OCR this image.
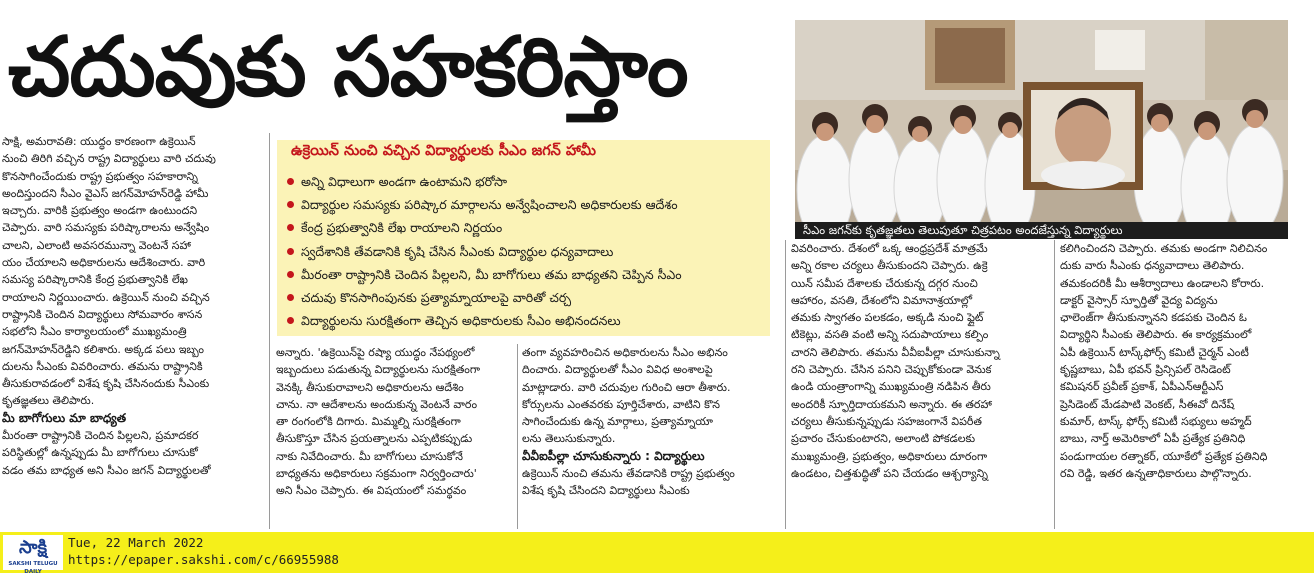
చదువుకు సహకరిస్తాం

సాక్షి, అమరావతి: యుద్ధం కారణంగా ఉక్రెయిన్

నుంచి తిరిగి వచ్చిన రాష్ట్ర విద్యార్థులు వారి చదువు

కొనసాగించేందుకు రాష్ట్ర ప్రభుత్వం సహకారాన్ని

అందిస్తుందని సీఎం వైఎస్ జగన్‌మోహన్‌రెడ్డి హామీ

ఇచ్చారు. వారికి ప్రభుత్వం అండగా ఉంటుందని

చెప్పారు. వారి సమస్యకు పరిష్కారాలను అన్వేషిం

చాలని, ఎలాంటి అవసరమున్నా వెంటనే సహా

యం చేయాలని అధికారులను ఆదేశించారు. వారి

సమస్య పరిష్కారానికి కేంద్ర ప్రభుత్వానికి లేఖ

రాయాలని నిర్ణయించారు. ఉక్రెయిన్ నుంచి వచ్చిన

రాష్ట్రానికి చెందిన విద్యార్థులు సోమవారం శాసన

సభలోని సీఎం కార్యాలయంలో ముఖ్యమంత్రి

జగన్‌మోహన్‌రెడ్డిని కలిశారు. అక్కడ పలు ఇబ్బం

దులను సీఎంకు వివరించారు. తమను రాష్ట్రానికి

తీసుకురావడంలో విశేష కృషి చేసినందుకు సీఎంకు

కృతజ్ఞతలు తెలిపారు.

మీ బాగోగులు మా బాధ్యత

మీరంతా రాష్ట్రానికి చెందిన పిల్లలని, ప్రమాదకర

పరిస్థితుల్లో ఉన్నప్పుడు మీ బాగోగులు చూసుకో

వడం తమ బాధ్యత అని సీఎం జగన్ విద్యార్థులతో

ఉక్రెయిన్ నుంచి వచ్చిన విద్యార్థులకు సీఎం జగన్ హామీ
అన్ని విధాలుగా అండగా ఉంటామని భరోసా
విద్యార్థుల సమస్యకు పరిష్కార మార్గాలను అన్వేషించాలని అధికారులకు ఆదేశం
కేంద్ర ప్రభుత్వానికి లేఖ రాయాలని నిర్ణయం
స్వదేశానికి తేవడానికి కృషి చేసిన సీఎంకు విద్యార్థుల ధన్యవాదాలు
మీరంతా రాష్ట్రానికి చెందిన పిల్లలని, మీ బాగోగులు తమ బాధ్యతని చెప్పిన సీఎం
చదువు కొనసాగింపునకు ప్రత్యామ్నాయాలపై వారితో చర్చ
విద్యార్థులను సురక్షితంగా తెచ్చిన అధికారులకు సీఎం అభినందనలు

అన్నారు. 'ఉక్రెయిన్‌పై రష్యా యుద్ధం నేపథ్యంలో

ఇబ్బందులు పడుతున్న విద్యార్థులను సురక్షితంగా

వెనక్కి తీసుకురావాలని అధికారులను ఆదేశిం

చాను. నా ఆదేశాలను అందుకున్న వెంటనే వారం

తా రంగంలోకి దిగారు. మిమ్మల్ని సురక్షితంగా

తీసుకొస్తూ చేసిన ప్రయత్నాలను ఎప్పటికప్పుడు

నాకు నివేదించారు. మీ బాగోగులు చూసుకోనే

బాధ్యతను అధికారులు సక్రమంగా నిర్వర్తించారు'

అని సీఎం చెప్పారు. ఈ విషయంలో సమర్థవం

తంగా వ్యవహరించిన అధికారులను సీఎం అభినం

దించారు. విద్యార్థులతో సీఎం వివిధ అంశాలపై

మాట్లాడారు. వారి చదువుల గురించి ఆరా తీశారు.

కోర్సులను ఎంతవరకు పూర్తిచేశారు, వాటిని కొన

సాగించేందుకు ఉన్న మార్గాలు, ప్రత్యామ్నాయా

లను తెలుసుకున్నారు.

వీవీఐపీల్లా చూసుకున్నారు : విద్యార్థులు

ఉక్రెయిన్ నుంచి తమను తేవడానికి రాష్ట్ర ప్రభుత్వం

విశేష కృషి చేసిందని విద్యార్థులు సీఎంకు

సీఎం జగన్‌కు కృతజ్ఞతలు తెలుపుతూ చిత్రపటం అందజేస్తున్న విద్యార్థులు

వివరించారు. దేశంలో ఒక్క ఆంధ్రప్రదేశ్ మాత్రమే

అన్ని రకాల చర్యలు తీసుకుందని చెప్పారు. ఉక్రె

యిన్ సమీప దేశాలకు చేరుకున్న దగ్గర నుంచి

ఆహారం, వసతి, దేశంలోని విమానాశ్రయాల్లో

తమకు స్వాగతం పలకడం, అక్కడి నుంచి ఫ్లైట్

టికెట్లు, వసతి వంటి అన్ని సదుపాయాలు కల్పిం

చారని తెలిపారు. తమను వీవీఐపీల్లా చూసుకున్నా

రని చెప్పారు. చేసిన పనిని చెప్పుకోకుండా వెనుక

ఉండి యంత్రాంగాన్ని ముఖ్యమంత్రి నడిపిన తీరు

అందరికీ స్ఫూర్తిదాయకమని అన్నారు. ఈ తరహా

చర్యలు తీసుకున్నప్పుడు సహజంగానే విపరీత

ప్రచారం చేసుకుంటారని, అలాంటి పోకడలకు

ముఖ్యమంత్రి, ప్రభుత్వం, అధికారులు దూరంగా

ఉండటం, చిత్తశుద్ధితో పని చేయడం ఆశ్చర్యాన్ని

కలిగించిందని చెప్పారు. తమకు అండగా నిలిచినం

దుకు వారు సీఎంకు ధన్యవాదాలు తెలిపారు.

తమకందరికీ మీ ఆశీర్వాదాలు ఉండాలని కోరారు.

డాక్టర్ వైస్సార్ స్ఫూర్తితో వైద్య విద్యను

ఛాలెంజ్‌గా తీసుకున్నానని కడపకు చెందిన ఓ

విద్యార్థిని సీఎంకు తెలిపారు. ఈ కార్యక్రమంలో

ఏపీ ఉక్రెయిన్ టాస్క్‌ఫోర్స్ కమిటీ చైర్మన్ ఎంటీ

కృష్ణబాబు, ఏపీ భవన్ ప్రిన్సిపల్ రెసిడెంట్

కమిషనర్ ప్రవీణ్ ప్రకాశ్, ఏపీఎన్ఆర్టీఎస్

ప్రెసిడెంట్ మేడపాటి వెంకట్, సీఈవో దినేష్

కుమార్, టాస్క్ ఫోర్స్ కమిటీ సభ్యులు అహ్మద్

బాబు, నార్త్ అమెరికాలో ఏపీ ప్రత్యేక ప్రతినిధి

పండుగాయల రత్నాకర్, యూకేలో ప్రత్యేక ప్రతినిధి

రవి రెడ్డి, ఇతర ఉన్నతాధికారులు పాల్గొన్నారు.

సాక్షి
SAKSHI TELUGU DAILY
Tue, 22 March 2022
https://epaper.sakshi.com/c/66955988
